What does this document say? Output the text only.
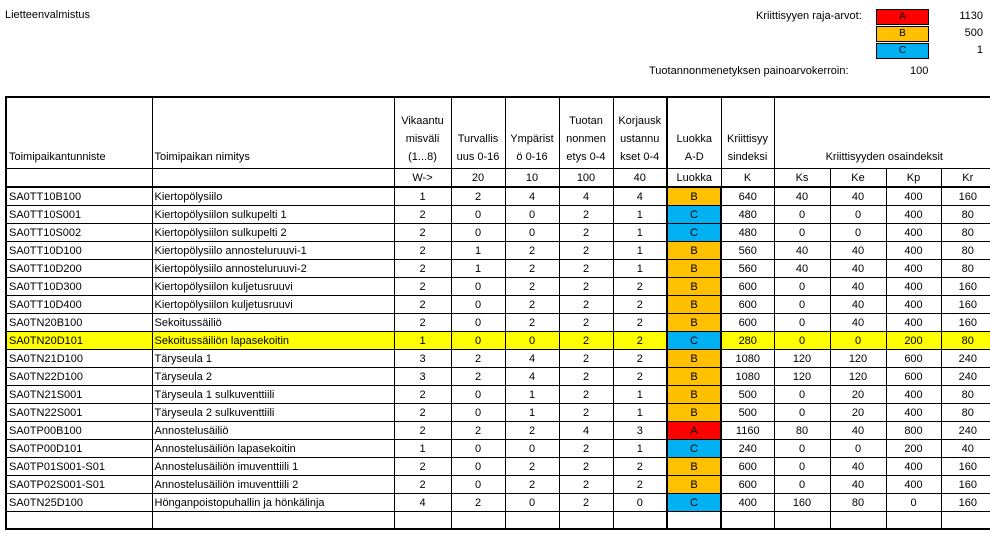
Lietteenvalmistus	Kriittisyyen raja-arvot:	A	1130
B	500
C	1
Tuotannonmenetyksen painoarvokerroin:	100
Toimipaikantunniste	Toimipaikan nimitys	Vikaantu misväli (1...8)	Turvallis uus 0-16	Ympärist ö 0-16	Tuotan nonmen etys 0-4	Korjausk ustannu kset 0-4	Luokka A-D	Kriittisyy sindeksi	Kriittisyyden osaindeksit			
		W->	20	10	100	40	Luokka	K	Ks	Ke	Kp	Kr
SA0TT10B100	Kiertopölysiilo	1	2	4	4	4	B	640	40	40	400	160
SA0TT10S001	Kiertopölysiilon sulkupelti 1	2	0	0	2	1	C	480	0	0	400	80
SA0TT10S002	Kiertopölysiilon sulkupelti 2	2	0	0	2	1	C	480	0	0	400	80
SA0TT10D100	Kiertopölysiilo annosteluruuvi-1	2	1	2	2	1	B	560	40	40	400	80
SA0TT10D200	Kiertopölysiilo annosteluruuvi-2	2	1	2	2	1	B	560	40	40	400	80
SA0TT10D300	Kiertopölysiilon kuljetusruuvi	2	0	2	2	2	B	600	0	40	400	160
SA0TT10D400	Kiertopölysiilon kuljetusruuvi	2	0	2	2	2	B	600	0	40	400	160
SA0TN20B100	Sekoitussäiliö	2	0	2	2	2	B	600	0	40	400	160
SA0TN20D101	Sekoitussäiliön lapasekoitin	1	0	0	2	2	C	280	0	0	200	80
SA0TN21D100	Täryseula 1	3	2	4	2	2	B	1080	120	120	600	240
SA0TN22D100	Täryseula 2	3	2	4	2	2	B	1080	120	120	600	240
SA0TN21S001	Täryseula 1 sulkuventtiili	2	0	1	2	1	B	500	0	20	400	80
SA0TN22S001	Täryseula 2 sulkuventtiili	2	0	1	2	1	B	500	0	20	400	80
SA0TP00B100	Annostelusäiliö	2	2	2	4	3	A	1160	80	40	800	240
SA0TP00D101	Annostelusäiliön lapasekoitin	1	0	0	2	1	C	240	0	0	200	40
SA0TP01S001-S01	Annostelusäiliön imuventtiili 1	2	0	2	2	2	B	600	0	40	400	160
SA0TP02S001-S01	Annostelusäiliön imuventtiili 2	2	0	2	2	2	B	600	0	40	400	160
SA0TN25D100	Hönganpoistopuhallin ja hönkälinja	4	2	0	2	0	C	400	160	80	0	160
